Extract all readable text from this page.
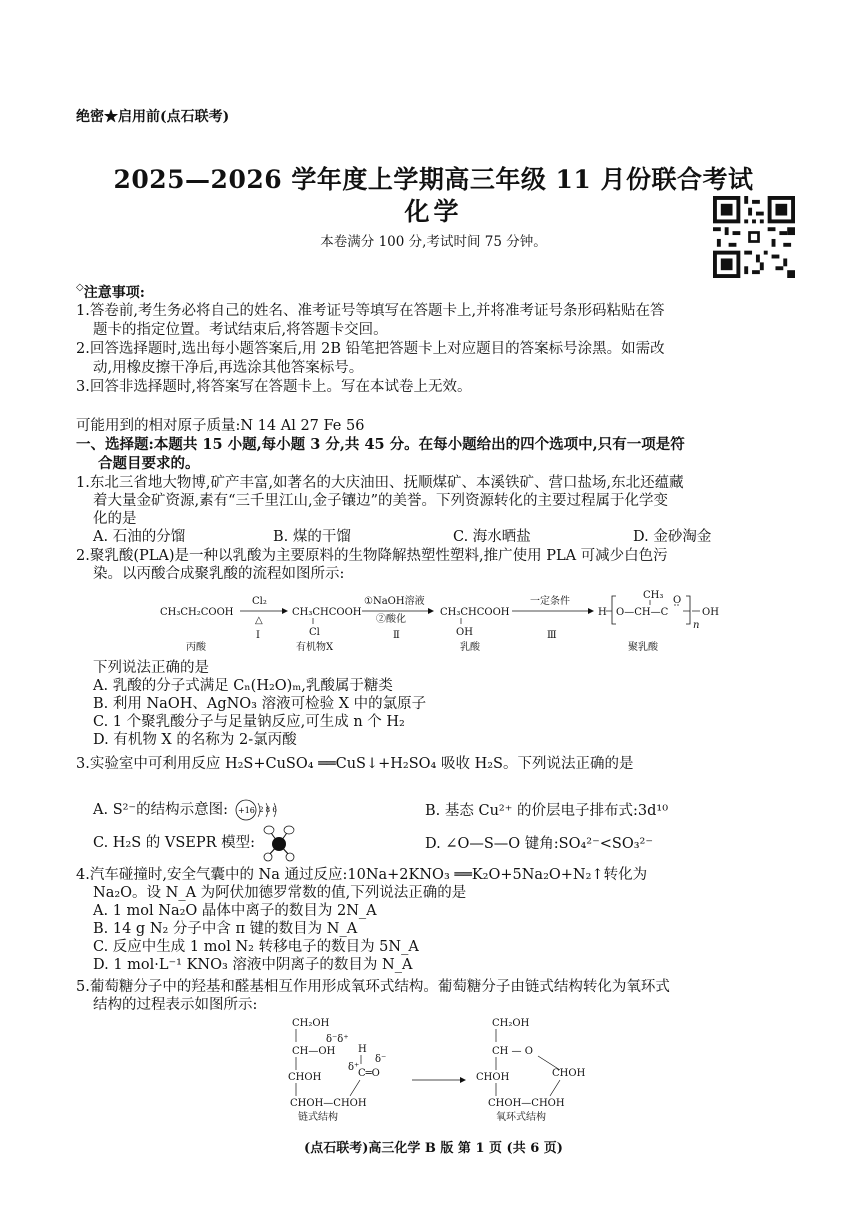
绝密★启用前(点石联考)
2025—2026 学年度上学期高三年级 11 月份联合考试
化学
本卷满分 100 分,考试时间 75 分钟。
◇注意事项:
1.答卷前,考生务必将自己的姓名、准考证号等填写在答题卡上,并将准考证号条形码粘贴在答
题卡的指定位置。考试结束后,将答题卡交回。
2.回答选择题时,选出每小题答案后,用 2B 铅笔把答题卡上对应题目的答案标号涂黑。如需改
动,用橡皮擦干净后,再选涂其他答案标号。
3.回答非选择题时,将答案写在答题卡上。写在本试卷上无效。
可能用到的相对原子质量:N 14 Al 27 Fe 56
一、选择题:本题共 15 小题,每小题 3 分,共 45 分。在每小题给出的四个选项中,只有一项是符
合题目要求的。
1.东北三省地大物博,矿产丰富,如著名的大庆油田、抚顺煤矿、本溪铁矿、营口盐场,东北还蕴藏
着大量金矿资源,素有“三千里江山,金子镶边”的美誉。下列资源转化的主要过程属于化学变
化的是
A. 石油的分馏	B. 煤的干馏	C. 海水晒盐	D. 金砂淘金
2.聚乳酸(PLA)是一种以乳酸为主要原料的生物降解热塑性塑料,推广使用 PLA 可减少白色污
染。以丙酸合成聚乳酸的流程如图所示:
CH₃CH₂COOH
丙酸
Cl₂
△
Ⅰ
CH₃CHCOOH
Cl
有机物X
①NaOH溶液
②酸化
Ⅱ
CH₃CHCOOH
OH
乳酸
一定条件
Ⅲ
H O—CH—C
CH₃ O
n
OH
聚乳酸
下列说法正确的是
A. 乳酸的分子式满足 Cₙ(H₂O)ₘ,乳酸属于糖类
B. 利用 NaOH、AgNO₃ 溶液可检验 X 中的氯原子
C. 1 个聚乳酸分子与足量钠反应,可生成 n 个 H₂
D. 有机物 X 的名称为 2-氯丙酸
3.实验室中可利用反应 H₂S+CuSO₄ ══CuS↓+H₂SO₄ 吸收 H₂S。下列说法正确的是
A. S²⁻的结构示意图: +16 2 8 6	B. 基态 Cu²⁺ 的价层电子排布式:3d¹⁰
C. H₂S 的 VSEPR 模型:	D. ∠O—S—O 键角:SO₄²⁻<SO₃²⁻
4.汽车碰撞时,安全气囊中的 Na 通过反应:10Na+2KNO₃ ══K₂O+5Na₂O+N₂↑转化为
Na₂O。设 N_A 为阿伏加德罗常数的值,下列说法正确的是
A. 1 mol Na₂O 晶体中离子的数目为 2N_A
B. 14 g N₂ 分子中含 π 键的数目为 N_A
C. 反应中生成 1 mol N₂ 转移电子的数目为 5N_A
D. 1 mol·L⁻¹ KNO₃ 溶液中阴离子的数目为 N_A
5.葡萄糖分子中的羟基和醛基相互作用形成氧环式结构。葡萄糖分子由链式结构转化为氧环式
结构的过程表示如图所示:
CH₂OH
δ⁻δ⁺
CH—OH
CHOH
CHOH—CHOH
H
C═O
δ⁺
δ⁻
链式结构
CH₂OH
CH — O
CHOH	CHOH
CHOH—CHOH
氧环式结构
(点石联考)高三化学 B 版 第 1 页 (共 6 页)
